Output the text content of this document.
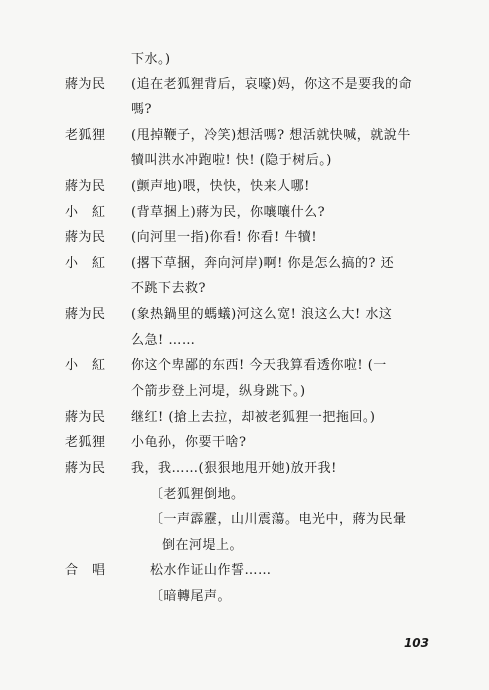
下水。)
蔣为民 (追在老狐狸背后，哀嚎)妈，你这不是要我的命
嗎?
老狐狸 (甩掉鞭子，冷笑)想活嗎? 想活就快喊，就說牛
犢叫洪水冲跑啦! 快! (隐于树后。)
蔣为民 (颤声地)喂，快快，快来人哪!
小　紅 (背草捆上)蔣为民，你嚷嚷什么?
蔣为民 (向河里一指)你看! 你看! 牛犢!
小　紅 (撂下草捆，奔向河岸)啊! 你是怎么搞的? 还
不跳下去救?
蔣为民 (象热鍋里的螞蟻)河这么宽! 浪这么大! 水这
么急! ……
小　紅 你这个卑鄙的东西! 今天我算看透你啦! (一
个箭步登上河堤，纵身跳下。)
蔣为民 继红! (搶上去拉，却被老狐狸一把拖回。)
老狐狸 小龟孙，你要干啥?
蔣为民 我，我……(狠狠地甩开她)放开我!
〔老狐狸倒地。
〔一声霹靂，山川震蕩。电光中，蔣为民暈
倒在河堤上。
合　唱	松水作证山作誓……
〔暗轉尾声。
103
